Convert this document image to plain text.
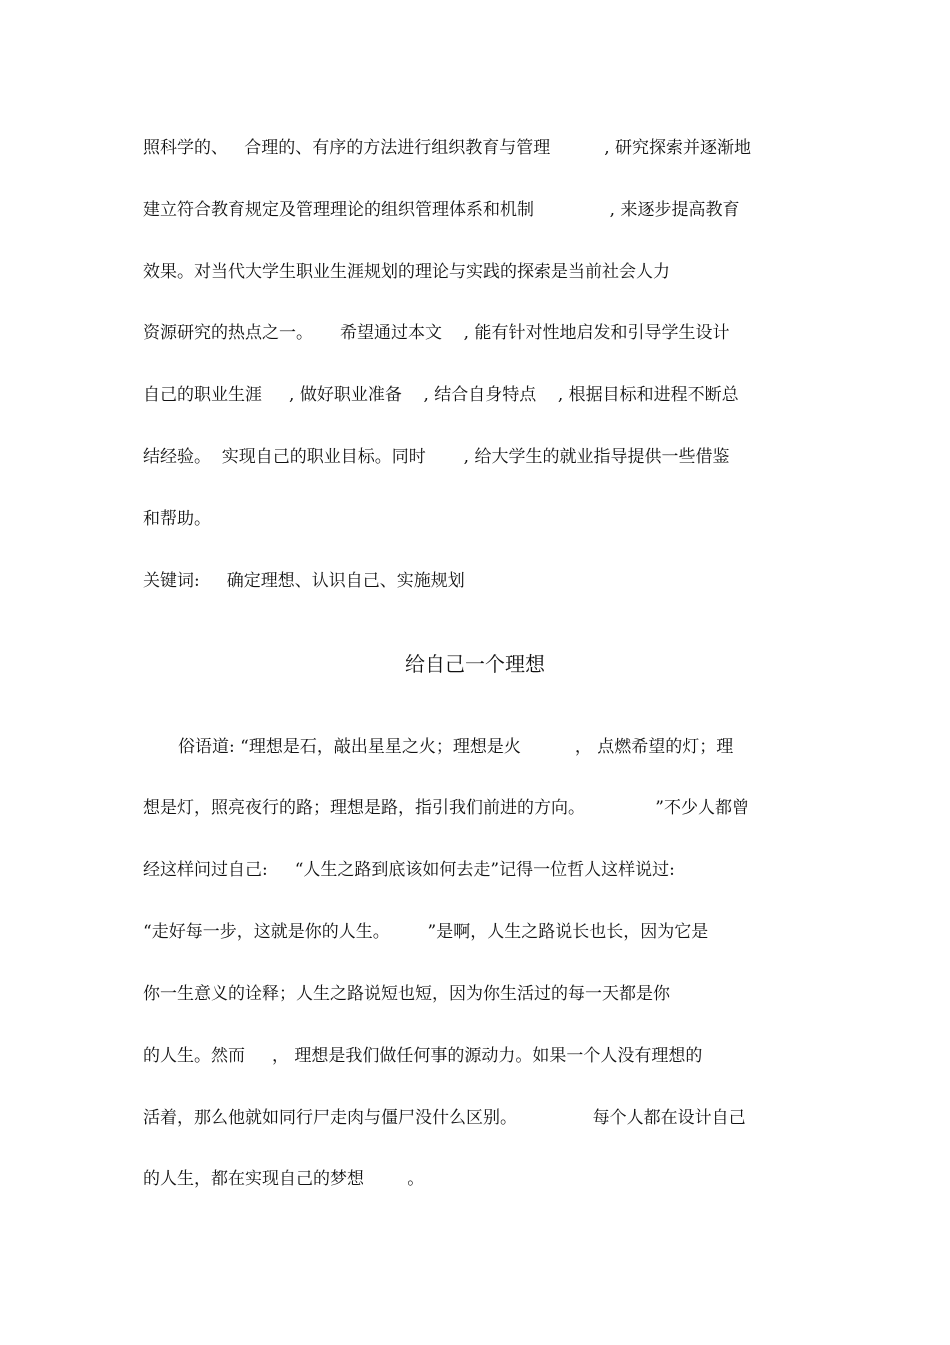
照科学的、   合理的、有序的方法进行组织教育与管理          , 研究探索并逐渐地
建立符合教育规定及管理理论的组织管理体系和机制              , 来逐步提高教育
效果。对当代大学生职业生涯规划的理论与实践的探索是当前社会人力
资源研究的热点之一。     希望通过本文    , 能有针对性地启发和引导学生设计
自己的职业生涯     , 做好职业准备    , 结合自身特点    , 根据目标和进程不断总
结经验。  实现自己的职业目标。同时       , 给大学生的就业指导提供一些借鉴
和帮助。
关键词:     确定理想、认识自己、实施规划
给自己一个理想
俗语道: “理想是石，敲出星星之火；理想是火          ， 点燃希望的灯；理
想是灯，照亮夜行的路；理想是路，指引我们前进的方向。             ”不少人都曾
经这样问过自己:     “人生之路到底该如何去走”记得一位哲人这样说过:
“走好每一步，这就是你的人生。       ”是啊，人生之路说长也长，因为它是
你一生意义的诠释；人生之路说短也短，因为你生活过的每一天都是你
的人生。然而     ， 理想是我们做任何事的源动力。如果一个人没有理想的
活着，那么他就如同行尸走肉与僵尸没什么区别。              每个人都在设计自己
的人生，都在实现自己的梦想        。
